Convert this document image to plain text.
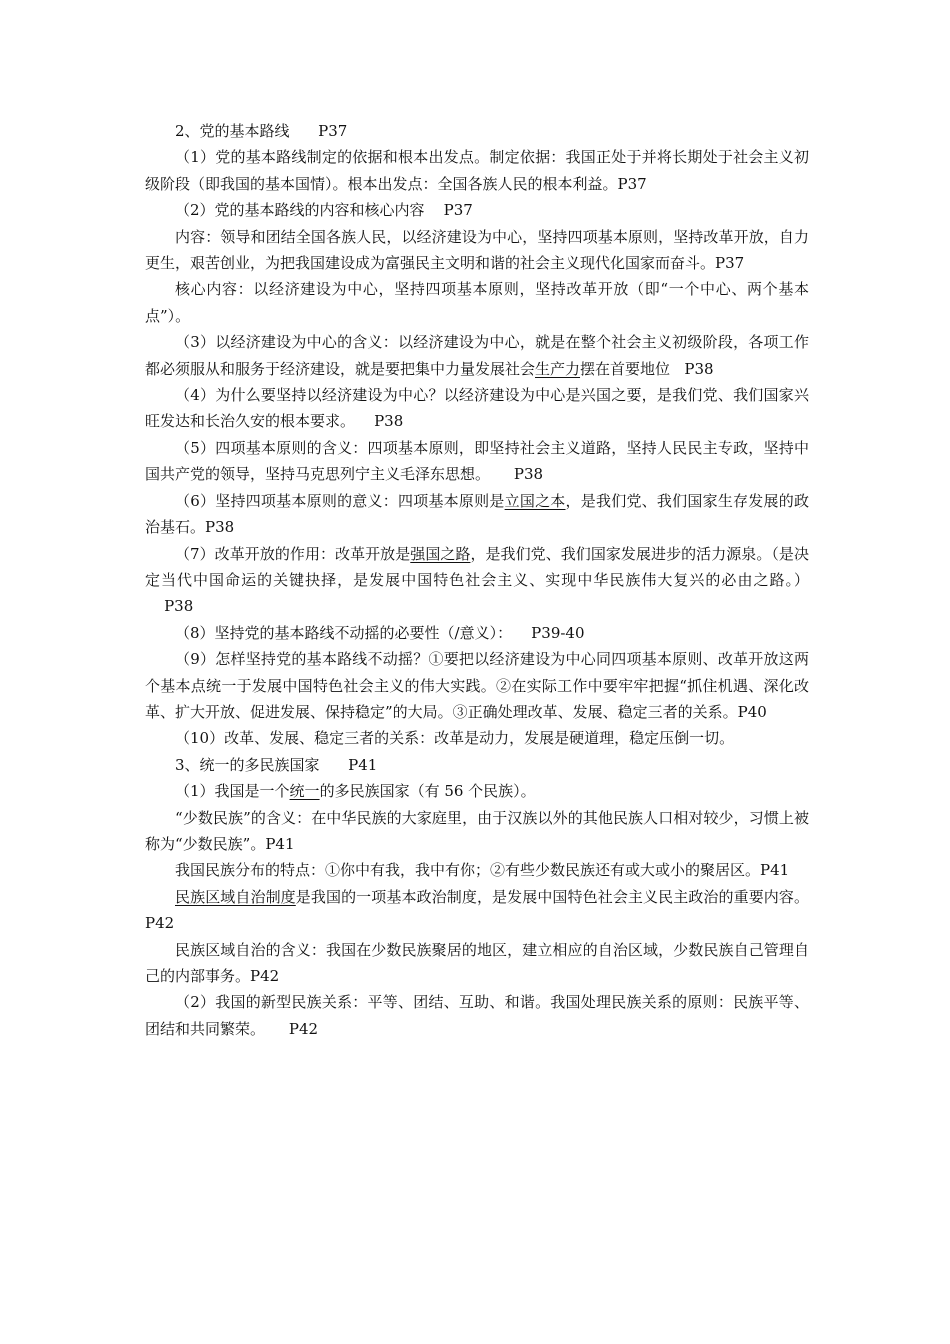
2、党的基本路线      P37

（1）党的基本路线制定的依据和根本出发点。制定依据：我国正处于并将长期处于社会主义初级阶段（即我国的基本国情）。根本出发点：全国各族人民的根本利益。P37

（2）党的基本路线的内容和核心内容    P37

内容：领导和团结全国各族人民，以经济建设为中心，坚持四项基本原则，坚持改革开放，自力更生，艰苦创业，为把我国建设成为富强民主文明和谐的社会主义现代化国家而奋斗。P37

核心内容：以经济建设为中心，坚持四项基本原则，坚持改革开放（即“一个中心、两个基本点”）。

（3）以经济建设为中心的含义：以经济建设为中心，就是在整个社会主义初级阶段，各项工作都必须服从和服务于经济建设，就是要把集中力量发展社会生产力摆在首要地位   P38

（4）为什么要坚持以经济建设为中心？以经济建设为中心是兴国之要，是我们党、我们国家兴旺发达和长治久安的根本要求。    P38

（5）四项基本原则的含义：四项基本原则，即坚持社会主义道路，坚持人民民主专政，坚持中国共产党的领导，坚持马克思列宁主义毛泽东思想。     P38

（6）坚持四项基本原则的意义：四项基本原则是立国之本，是我们党、我们国家生存发展的政治基石。P38

（7）改革开放的作用：改革开放是强国之路，是我们党、我们国家发展进步的活力源泉。（是决定当代中国命运的关键抉择，是发展中国特色社会主义、实现中华民族伟大复兴的必由之路。）    P38

（8）坚持党的基本路线不动摇的必要性（/意义）：    P39-40

（9）怎样坚持党的基本路线不动摇？①要把以经济建设为中心同四项基本原则、改革开放这两个基本点统一于发展中国特色社会主义的伟大实践。②在实际工作中要牢牢把握“抓住机遇、深化改革、扩大开放、促进发展、保持稳定”的大局。③正确处理改革、发展、稳定三者的关系。P40

（10）改革、发展、稳定三者的关系：改革是动力，发展是硬道理，稳定压倒一切。

3、统一的多民族国家      P41

（1）我国是一个统一的多民族国家（有 56 个民族）。

“少数民族”的含义：在中华民族的大家庭里，由于汉族以外的其他民族人口相对较少，习惯上被称为“少数民族”。P41

我国民族分布的特点：①你中有我，我中有你；②有些少数民族还有或大或小的聚居区。P41

民族区域自治制度是我国的一项基本政治制度，是发展中国特色社会主义民主政治的重要内容。P42

民族区域自治的含义：我国在少数民族聚居的地区，建立相应的自治区域，少数民族自己管理自己的内部事务。P42

（2）我国的新型民族关系：平等、团结、互助、和谐。我国处理民族关系的原则：民族平等、团结和共同繁荣。     P42
